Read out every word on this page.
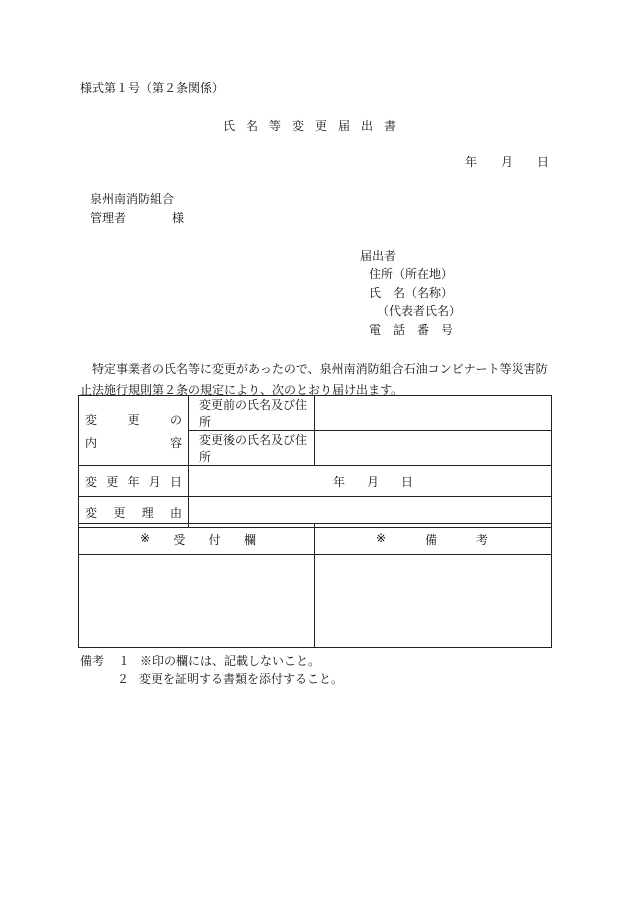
様式第１号（第２条関係）
氏名等変更届出書
年 月 日
泉州南消防組合
管理者	様
届出者
住所（所在地）
氏 名（名称）
（代表者氏名）
電 話 番 号
特定事業者の氏名等に変更があったので、泉州南消防組合石油コンビナート等災害防止法施行規則第２条の規定により、次のとおり届け出ます。
変 更 の
内 容	変更前の氏名及び住所	
	変更後の氏名及び住所	

変 更 年 月 日	年 月 日	

変 更 理 由		

※ 受 付 欄	※ 備 考

備考 １ ※印の欄には、記載しないこと。
２ 変更を証明する書類を添付すること。
